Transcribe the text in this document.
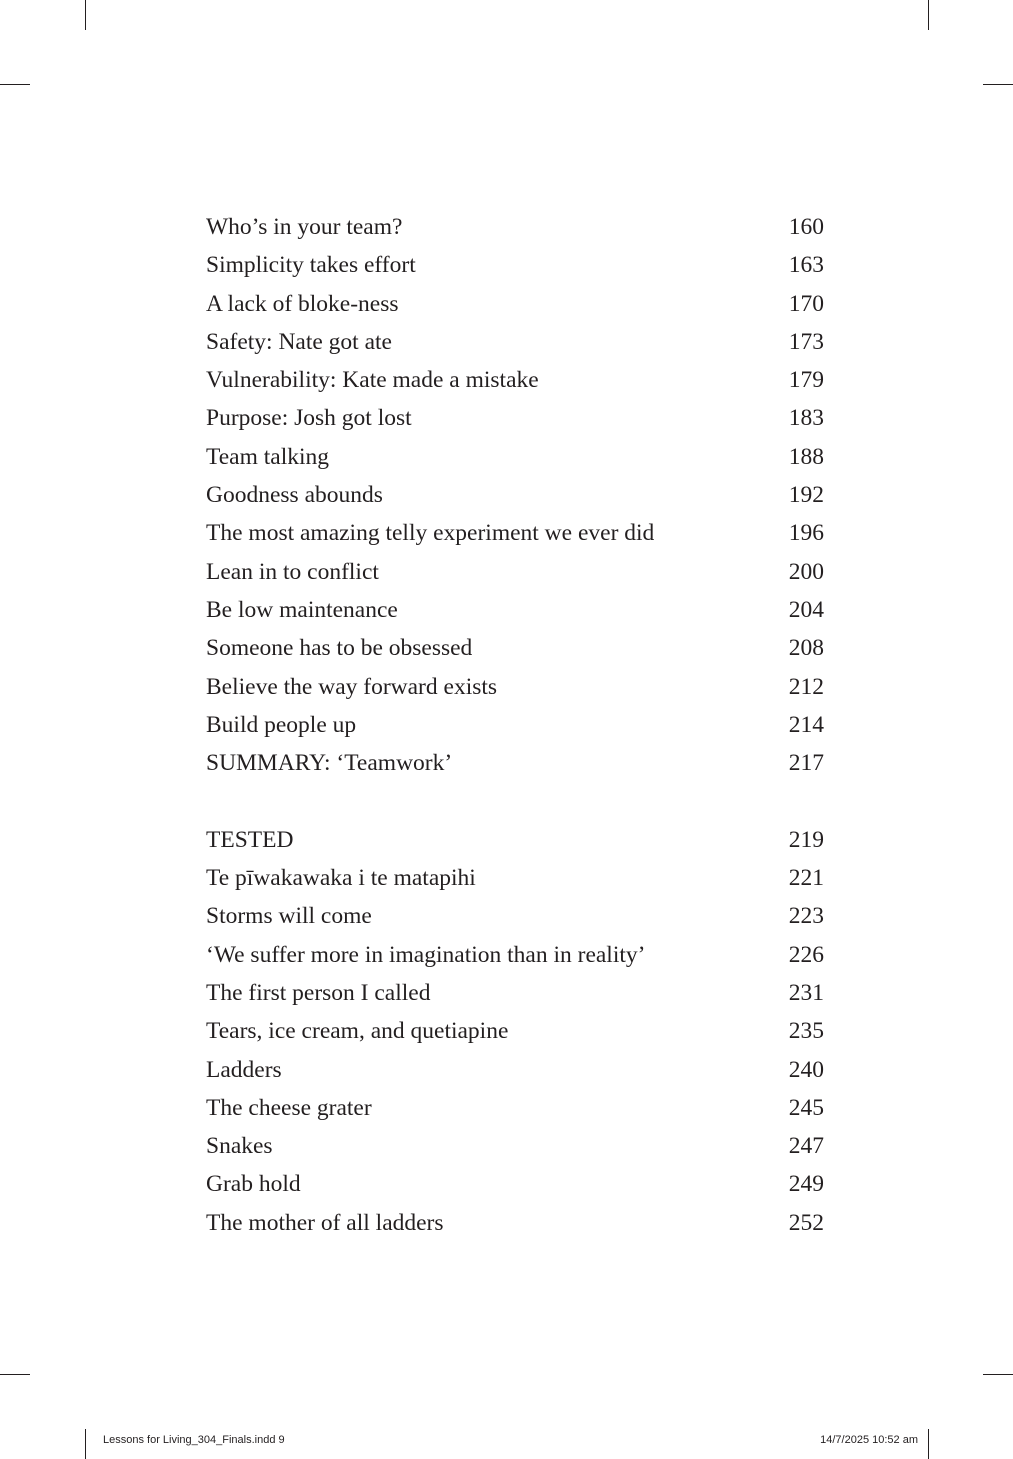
Who’s in your team?	160
Simplicity takes effort	163
A lack of bloke-ness	170
Safety: Nate got ate	173
Vulnerability: Kate made a mistake	179
Purpose: Josh got lost	183
Team talking	188
Goodness abounds	192
The most amazing telly experiment we ever did	196
Lean in to conflict	200
Be low maintenance	204
Someone has to be obsessed	208
Believe the way forward exists	212
Build people up	214
SUMMARY: ‘Teamwork’	217
TESTED	219
Te pīwakawaka i te matapihi	221
Storms will come	223
‘We suffer more in imagination than in reality’	226
The first person I called	231
Tears, ice cream, and quetiapine	235
Ladders	240
The cheese grater	245
Snakes	247
Grab hold	249
The mother of all ladders	252
Lessons for Living_304_Finals.indd 9	14/7/2025 10:52 am
